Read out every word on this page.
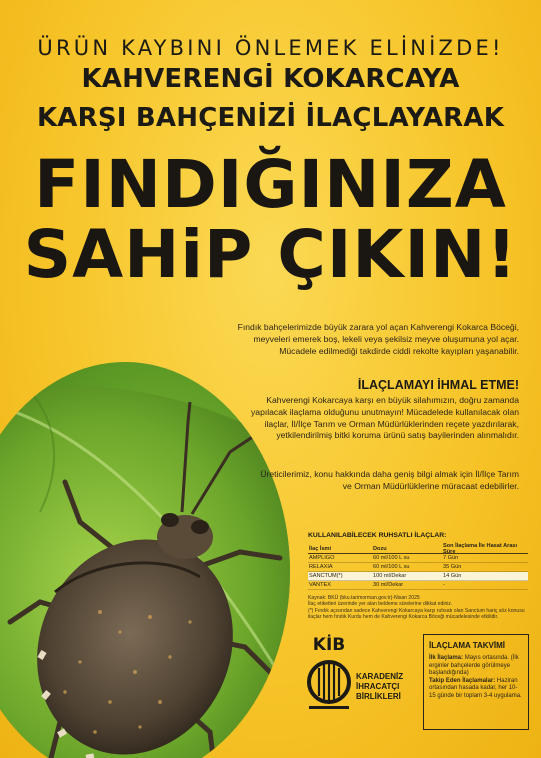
ÜRÜN KAYBINI ÖNLEMEK ELİNİZDE!
KAHVERENGİ KOKARCAYA
KARŞI BAHÇENİZİ İLAÇLAYARAK
FINDIĞINIZA
SAHiP ÇIKIN!
Fındık bahçelerimizde büyük zarara yol açan Kahverengi Kokarca Böceği, meyveleri emerek boş, lekeli veya şekilsiz meyve oluşumuna yol açar. Mücadele edilmediği takdirde ciddi rekolte kayıpları yaşanabilir.
İLAÇLAMAYI İHMAL ETME!
Kahverengi Kokarcaya karşı en büyük silahımızın, doğru zamanda yapılacak ilaçlama olduğunu unutmayın! Mücadelede kullanılacak olan ilaçlar, İl/İlçe Tarım ve Orman Müdürlüklerinden reçete yazdırılarak, yetkilendirilmiş bitki koruma ürünü satış bayilerinden alınmalıdır.
Üreticilerimiz, konu hakkında daha geniş bilgi almak için İl/İlçe Tarım ve Orman Müdürlüklerine müracaat edebilirler.
KULLANILABİLECEK RUHSATLI İLAÇLAR:
İlaç İsmi	Dozu	Son İlaçlama İle Hasat Arası Süre
AMPLIGO	60 ml/100 L su	7 Gün
RELAXIA	60 ml/100 L su	35 Gün
SANCTUM(*)	100 ml/Dekar	14 Gün
VANTEX	30 ml/Dekar	-
Kaynak: BKÜ (bku.tarimorman.gov.tr)-Nisan 2025
İlaç etiketleri üzerinde yer alan beldeme sürelerine dikkat ediniz.
(*) Fındık açısından sadece Kahverengi Kokarcaya karşı ruhsatı olan Sanctum hariç söz konusu ilaçlar hem fındık Kurdu hem de Kahverengi Kokarca Böceği mücadelesinde etkilidir.
KİB
KARADENİZ
İHRACATÇI
BİRLİKLERİ
İLAÇLAMA TAKVİMİ
İlk İlaçlama: Mayıs ortasında. (İlk erginler bahçelerde görülmeye başlandığında)
Takip Eden İlaçlamalar: Haziran ortasından hasada kadar, her 10-15 günde bir toplam 3-4 uygulama.
